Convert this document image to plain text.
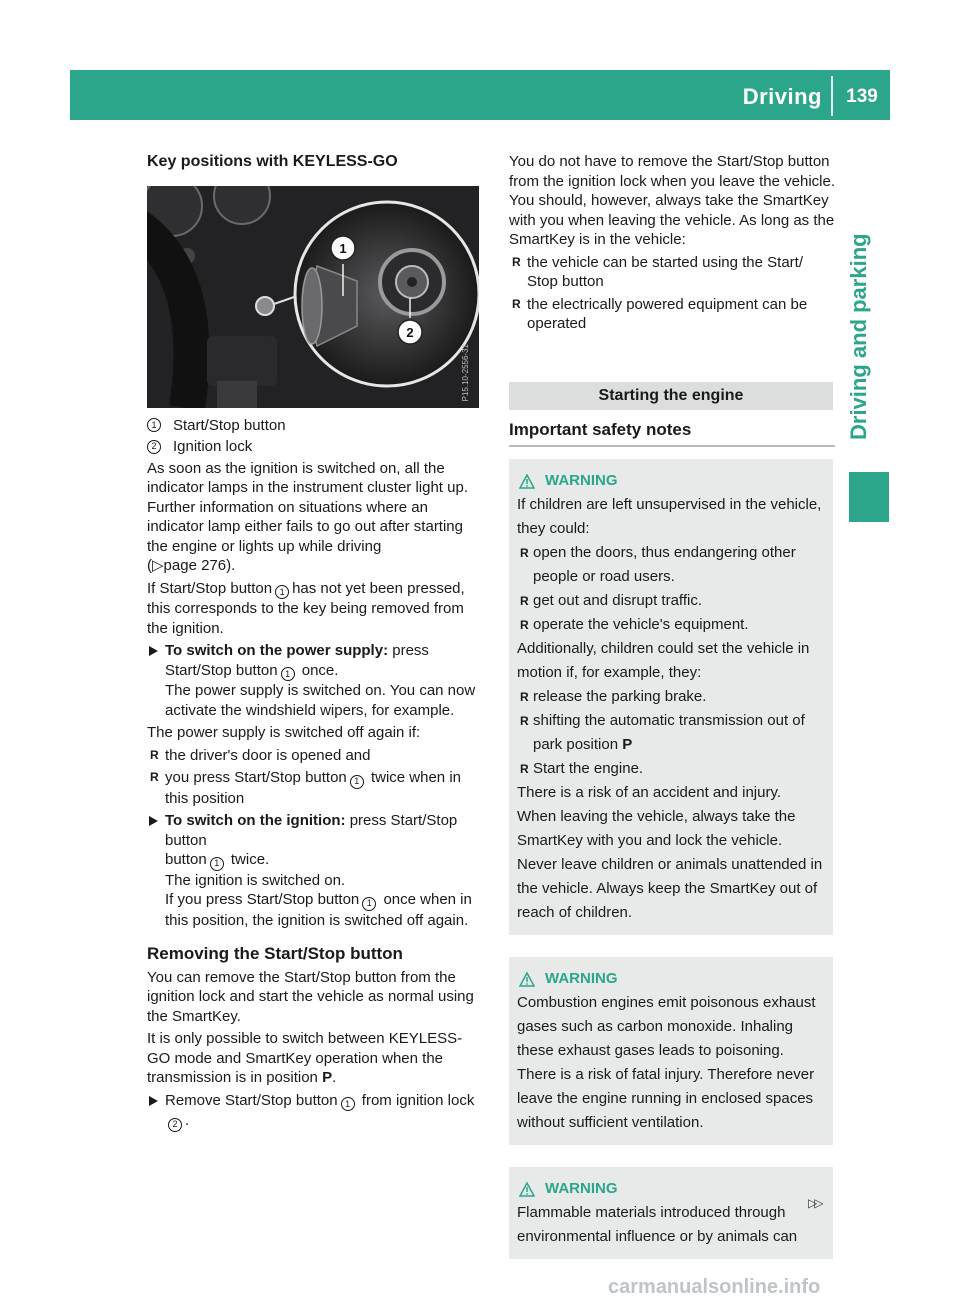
Driving	139
Driving and parking
Key positions with KEYLESS-GO
1
2
P15.10-2556-31
1	Start/Stop button
2	Ignition lock

As soon as the ignition is switched on, all the indicator lamps in the instrument cluster light up. Further information on situations where an indicator lamp either fails to go out after starting the engine or lights up while driving
(▷page 276).

If Start/Stop button 1 has not yet been pressed, this corresponds to the key being removed from the ignition.

To switch on the power supply: press Start/Stop button 1 once.
The power supply is switched on. You can now activate the windshield wipers, for example.

The power supply is switched off again if:

R the driver's door is opened and
R you press Start/Stop button 1 twice when in this position
To switch on the ignition: press Start/Stop button
button 1 twice.
The ignition is switched on.
If you press Start/Stop button 1 once when in this position, the ignition is switched off again.
Removing the Start/Stop button

You can remove the Start/Stop button from the ignition lock and start the vehicle as normal using the SmartKey.

It is only possible to switch between KEYLESS-GO mode and SmartKey operation when the transmission is in position P.

Remove Start/Stop button 1 from ignition lock2 .

You do not have to remove the Start/Stop button from the ignition lock when you leave the vehicle. You should, however, always take the SmartKey with you when leaving the vehicle. As long as the SmartKey is in the vehicle:

R the vehicle can be started using the Start/ Stop button
R the electrically powered equipment can be operated
Starting the engine
Important safety notes
WARNING

If children are left unsupervised in the vehicle, they could:

R open the doors, thus endangering other people or road users.
R get out and disrupt traffic.
R operate the vehicle's equipment.

Additionally, children could set the vehicle in motion if, for example, they:

R release the parking brake.
R shifting the automatic transmission out of park position P
R Start the engine.

There is a risk of an accident and injury.

When leaving the vehicle, always take the SmartKey with you and lock the vehicle. Never leave children or animals unattended in the vehicle. Always keep the SmartKey out of reach of children.

WARNING

Combustion engines emit poisonous exhaust gases such as carbon monoxide. Inhaling these exhaust gases leads to poisoning. There is a risk of fatal injury. Therefore never leave the engine running in enclosed spaces without sufficient ventilation.

WARNING

Flammable materials introduced through environmental influence or by animals can

▷▷
carmanualsonline.info
